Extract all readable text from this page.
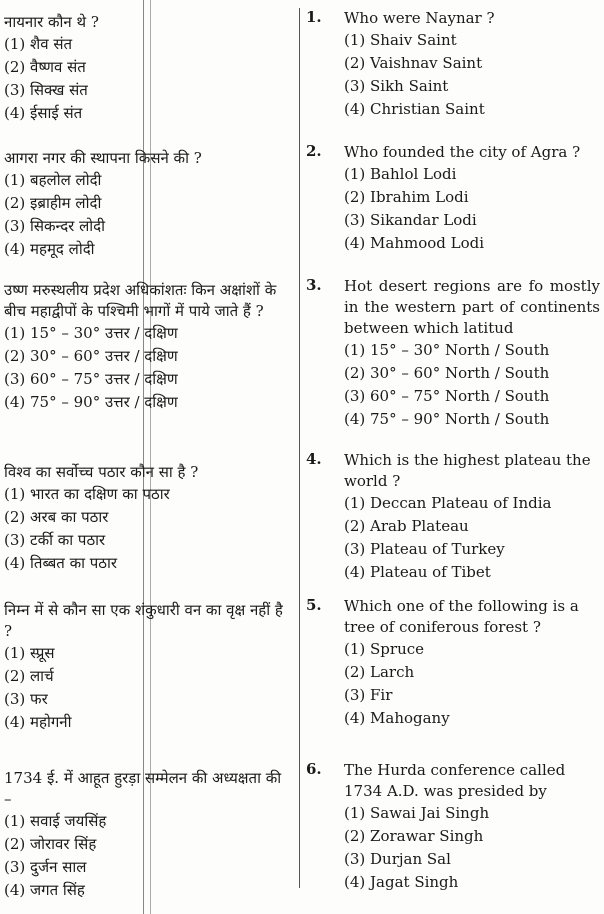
नायनार कौन थे ?

(1) शैव संत
(2) वैष्णव संत
(3) सिक्ख संत
(4) ईसाई संत

आगरा नगर की स्थापना किसने की ?

(1) बहलोल लोदी
(2) इब्राहीम लोदी
(3) सिकन्दर लोदी
(4) महमूद लोदी

उष्ण मरुस्थलीय प्रदेश अधिकांशतः किन अक्षांशों के बीच महाद्वीपों के पश्चिमी भागों में पाये जाते हैं ?

(1) 15° – 30° उत्तर / दक्षिण
(2) 30° – 60° उत्तर / दक्षिण
(3) 60° – 75° उत्तर / दक्षिण
(4) 75° – 90° उत्तर / दक्षिण

विश्व का सर्वोच्च पठार कौन सा है ?

(1) भारत का दक्षिण का पठार
(2) अरब का पठार
(3) टर्की का पठार
(4) तिब्बत का पठार

निम्न में से कौन सा एक शंकुधारी वन का वृक्ष नहीं है ?

(1) स्प्रूस
(2) लार्च
(3) फर
(4) महोगनी

1734 ई. में आहूत हुरड़ा सम्मेलन की अध्यक्षता की –

(1) सवाई जयसिंह
(2) जोरावर सिंह
(3) दुर्जन साल
(4) जगत सिंह
1. Who were Naynar ?

(1) Shaiv Saint
(2) Vaishnav Saint
(3) Sikh Saint
(4) Christian Saint
2. Who founded the city of Agra ?

(1) Bahlol Lodi
(2) Ibrahim Lodi
(3) Sikandar Lodi
(4) Mahmood Lodi
3. Hot desert regions are fo mostly in the western part of continents between which latitud

(1) 15° – 30° North / South
(2) 30° – 60° North / South
(3) 60° – 75° North / South
(4) 75° – 90° North / South
4. Which is the highest plateau the world ?

(1) Deccan Plateau of India
(2) Arab Plateau
(3) Plateau of Turkey
(4) Plateau of Tibet
5. Which one of the following is a tree of coniferous forest ?

(1) Spruce
(2) Larch
(3) Fir
(4) Mahogany
6. The Hurda conference called 1734 A.D. was presided by

(1) Sawai Jai Singh
(2) Zorawar Singh
(3) Durjan Sal
(4) Jagat Singh
